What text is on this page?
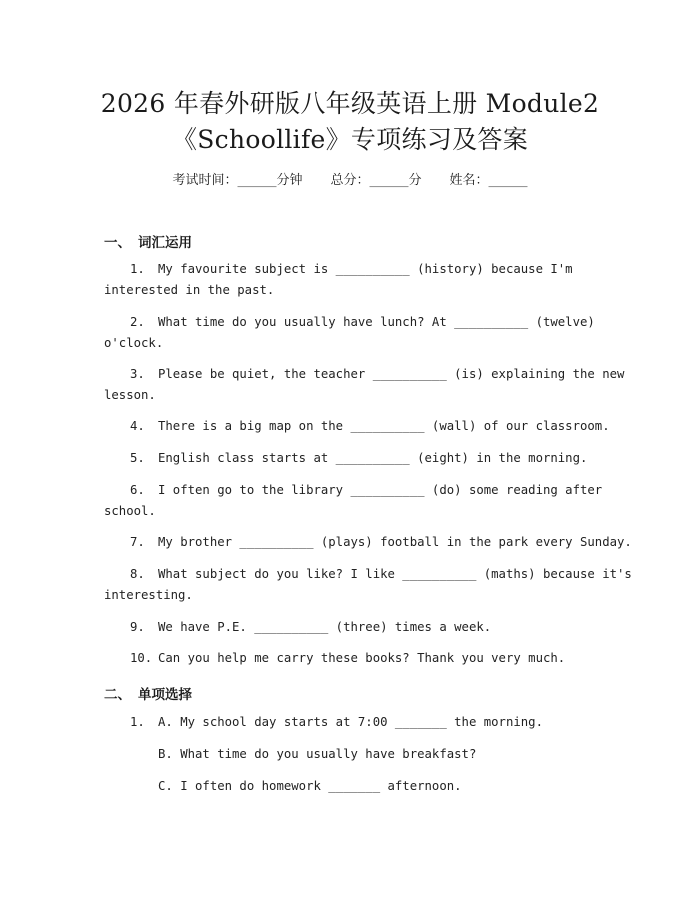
2026 年春外研版八年级英语上册 Module2
《Schoollife》专项练习及答案
考试时间：______分钟 总分：______分 姓名：______
一、 词汇运用
1. My favourite subject is __________ (history) because I'm
interested in the past.
2. What time do you usually have lunch? At __________ (twelve)
o'clock.
3. Please be quiet, the teacher __________ (is) explaining the new
lesson.
4. There is a big map on the __________ (wall) of our classroom.
5. English class starts at __________ (eight) in the morning.
6. I often go to the library __________ (do) some reading after
school.
7. My brother __________ (plays) football in the park every Sunday.
8. What subject do you like? I like __________ (maths) because it's
interesting.
9. We have P.E. __________ (three) times a week.
10. Can you help me carry these books? Thank you very much.
二、 单项选择
1. A. My school day starts at 7:00 _______ the morning.
B. What time do you usually have breakfast?
C. I often do homework _______ afternoon.
